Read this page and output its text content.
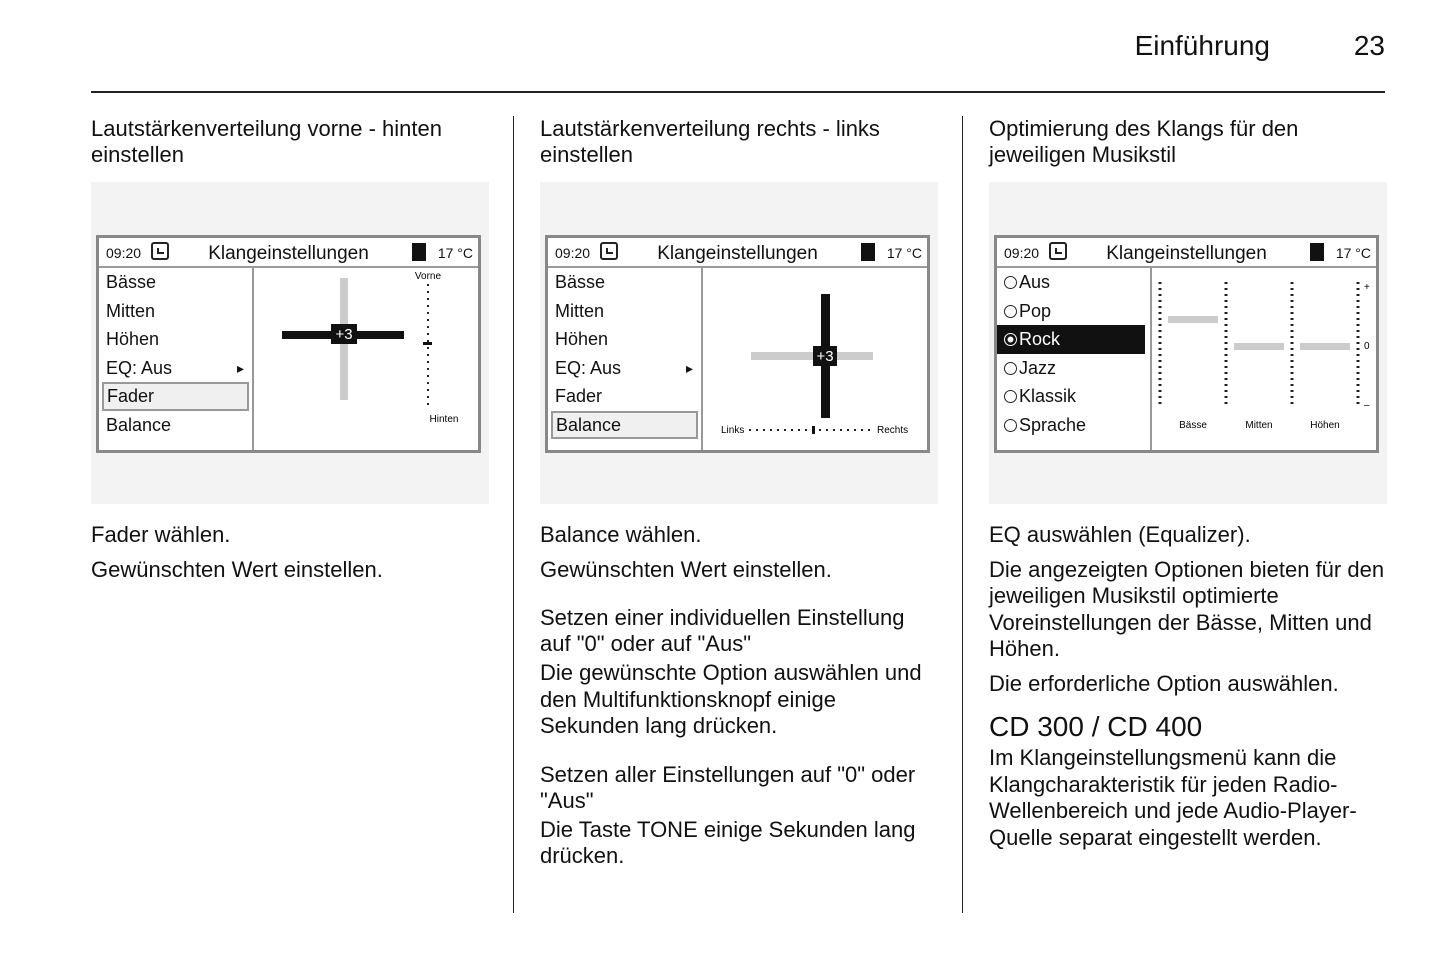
Einführung	23
Lautstärkenverteilung vorne - hinten einstellen
09:20	Klangeinstellungen	17 °C
Bässe
Mitten
Höhen
EQ: Aus	▸
Fader
Balance
+3
Vorne
Hinten
Fader wählen.
Gewünschten Wert einstellen.
Lautstärkenverteilung rechts - links einstellen
09:20	Klangeinstellungen	17 °C
Bässe
Mitten
Höhen
EQ: Aus	▸
Fader
Balance
+3
Links	Rechts
Balance wählen.
Gewünschten Wert einstellen.
Setzen einer individuellen Einstellung auf "0" oder auf "Aus"
Die gewünschte Option auswählen und den Multifunktionsknopf einige Sekunden lang drücken.
Setzen aller Einstellungen auf "0" oder "Aus"
Die Taste TONE einige Sekunden lang drücken.
Optimierung des Klangs für den jeweiligen Musikstil
09:20	Klangeinstellungen	17 °C
Aus
Pop
Rock
Jazz
Klassik
Sprache
+
0
–
Bässe	Mitten	Höhen
EQ auswählen (Equalizer).
Die angezeigten Optionen bieten für den jeweiligen Musikstil optimierte Voreinstellungen der Bässe, Mitten und Höhen.
Die erforderliche Option auswählen.
CD 300 / CD 400
Im Klangeinstellungsmenü kann die Klangcharakteristik für jeden Radio-Wellenbereich und jede Audio-Player-Quelle separat eingestellt werden.
